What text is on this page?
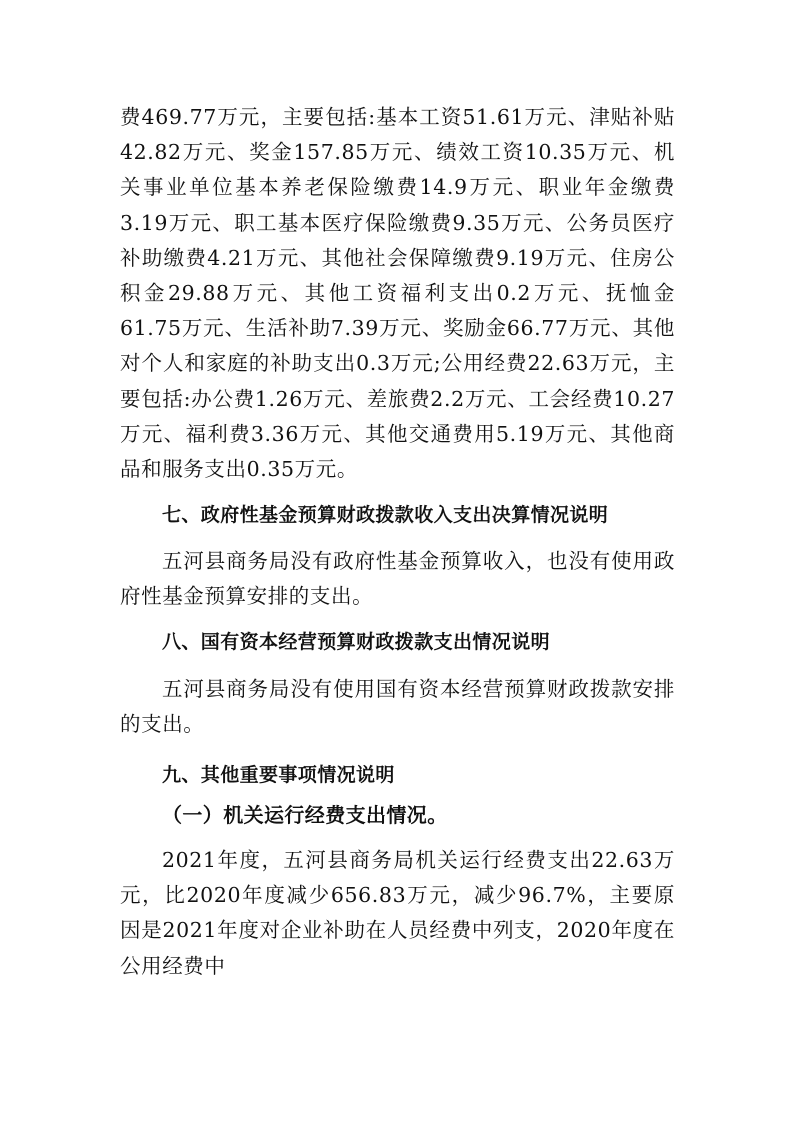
费469.77万元，主要包括:基本工资51.61万元、津贴补贴42.82万元、奖金157.85万元、绩效工资10.35万元、机关事业单位基本养老保险缴费14.9万元、职业年金缴费3.19万元、职工基本医疗保险缴费9.35万元、公务员医疗补助缴费4.21万元、其他社会保障缴费9.19万元、住房公积金29.88万元、其他工资福利支出0.2万元、抚恤金61.75万元、生活补助7.39万元、奖励金66.77万元、其他对个人和家庭的补助支出0.3万元;公用经费22.63万元，主要包括:办公费1.26万元、差旅费2.2万元、工会经费10.27万元、福利费3.36万元、其他交通费用5.19万元、其他商品和服务支出0.35万元。

七、政府性基金预算财政拨款收入支出决算情况说明

五河县商务局没有政府性基金预算收入，也没有使用政府性基金预算安排的支出。

八、国有资本经营预算财政拨款支出情况说明

五河县商务局没有使用国有资本经营预算财政拨款安排的支出。

九、其他重要事项情况说明
（一）机关运行经费支出情况。

2021年度，五河县商务局机关运行经费支出22.63万元，比2020年度减少656.83万元，减少96.7%，主要原因是2021年度对企业补助在人员经费中列支，2020年度在公用经费中
